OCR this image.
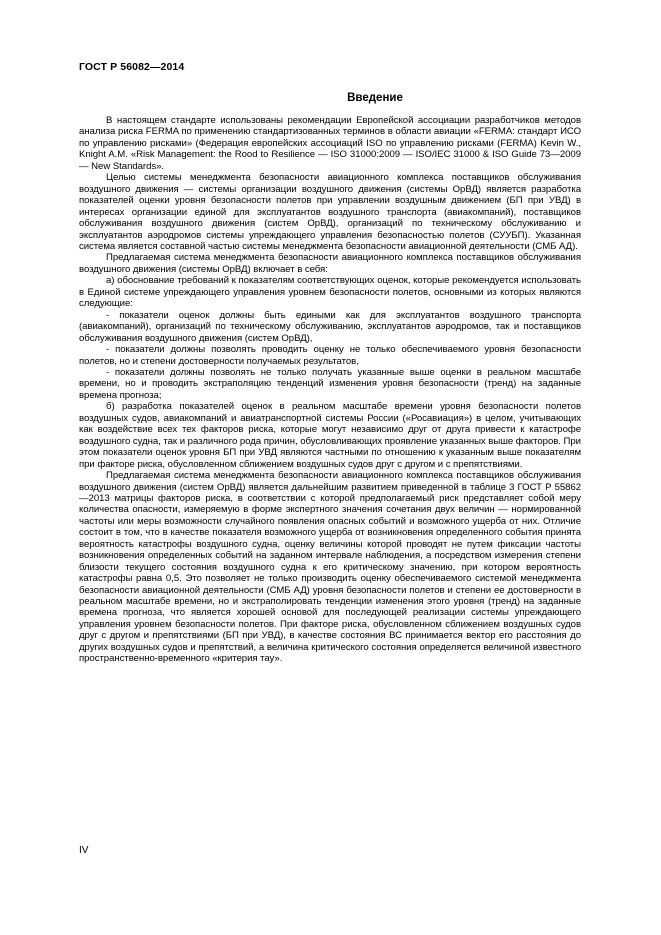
ГОСТ Р 56082—2014
Введение

В настоящем стандарте использованы рекомендации Европейской ассоциации разработчиков методов анализа риска FERMA по применению стандартизованных терминов в области авиации «FERMA: стандарт ИСО по управлению рисками» (Федерация европейских ассоциаций ISO по управлению рисками (FERMA) Kevin W., Knight A.M. «Risk Management: the Rood to Resilience — ISO 31000:2009 — ISO/IEC 31000 & ISO Guide 73—2009 — New Standards».

Целью системы менеджмента безопасности авиационного комплекса поставщиков обслуживания воздушного движения — системы организации воздушного движения (системы ОрВД) является разработка показателей оценки уровня безопасности полетов при управлении воздушным движением (БП при УВД) в интересах организации единой для эксплуатантов воздушного транспорта (авиакомпаний), поставщиков обслуживания воздушного движения (систем ОрВД), организаций по техническому обслуживанию и эксплуатантов аэродромов системы упреждающего управления безопасностью полетов (СУУБП). Указанная система является составной частью системы менеджмента безопасности авиационной деятельности (СМБ АД).

Предлагаемая система менеджмента безопасности авиационного комплекса поставщиков обслуживания воздушного движения (системы ОрВД) включает в себя:

а) обоснование требований к показателям соответствующих оценок, которые рекомендуется использовать в Единой системе упреждающего управления уровнем безопасности полетов, основными из которых являются следующие:

- показатели оценок должны быть едиными как для эксплуатантов воздушного транспорта (авиакомпаний), организаций по техническому обслуживанию, эксплуатантов аэродромов, так и поставщиков обслуживания воздушного движения (систем ОрВД),

- показатели должны позволять проводить оценку не только обеспечиваемого уровня безопасности полетов, но и степени достоверности получаемых результатов,

- показатели должны позволять не только получать указанные выше оценки в реальном масштабе времени, но и проводить экстраполяцию тенденций изменения уровня безопасности (тренд) на заданные времена прогноза;

б) разработка показателей оценок в реальном масштабе времени уровня безопасности полетов воздушных судов, авиакомпаний и авиатранспортной системы России («Росавиация») в целом, учитывающих как воздействие всех тех факторов риска, которые могут независимо друг от друга привести к катастрофе воздушного судна, так и различного рода причин, обусловливающих проявление указанных выше факторов. При этом показатели оценок уровня БП при УВД являются частными по отношению к указанным выше показателям при факторе риска, обусловленном сближением воздушных судов друг с другом и с препятствиями.

Предлагаемая система менеджмента безопасности авиационного комплекса поставщиков обслуживания воздушного движения (систем ОрВД) является дальнейшим развитием приведенной в таблице 3 ГОСТ Р 55862—2013 матрицы факторов риска, в соответствии с которой предполагаемый риск представляет собой меру количества опасности, измеряемую в форме экспертного значения сочетания двух величин — нормированной частоты или меры возможности случайного появления опасных событий и возможного ущерба от них. Отличие состоит в том, что в качестве показателя возможного ущерба от возникновения определенного события принята вероятность катастрофы воздушного судна, оценку величины которой проводят не путем фиксации частоты возникновения определенных событий на заданном интервале наблюдения, а посредством измерения степени близости текущего состояния воздушного судна к его критическому значению, при котором вероятность катастрофы равна 0,5. Это позволяет не только производить оценку обеспечиваемого системой менеджмента безопасности авиационной деятельности (СМБ АД) уровня безопасности полетов и степени ее достоверности в реальном масштабе времени, но и экстраполировать тенденции изменения этого уровня (тренд) на заданные времена прогноза, что является хорошей основой для последующей реализации системы упреждающего управления уровнем безопасности полетов. При факторе риска, обусловленном сближением воздушных судов друг с другом и препятствиями (БП при УВД), в качестве состояния ВС принимается вектор его расстояния до других воздушных судов и препятствий, а величина критического состояния определяется величиной известного пространственно-временного «критерия тау».

IV
